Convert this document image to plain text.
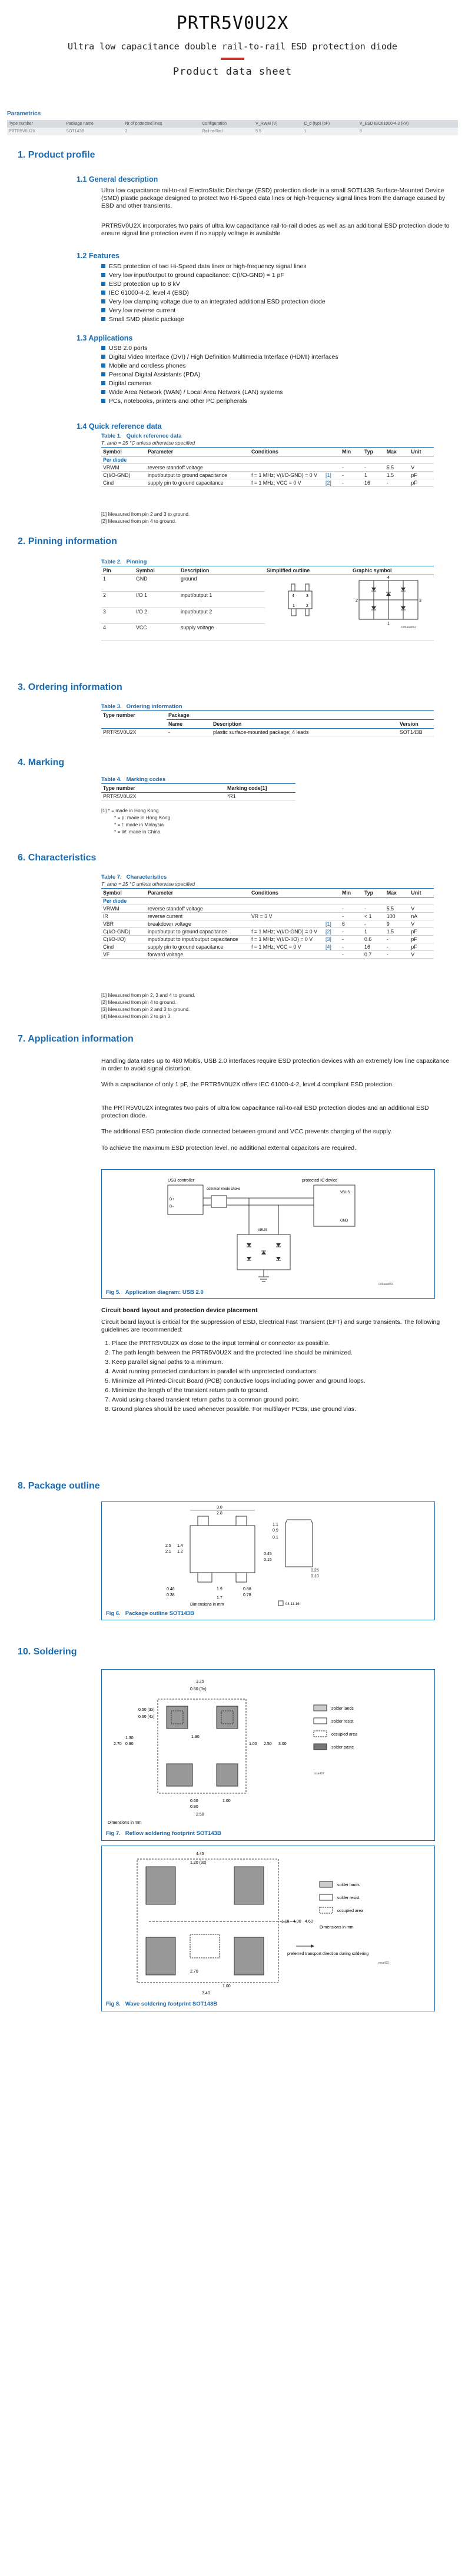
PRTR5V0U2X
Ultra low capacitance double rail-to-rail ESD protection diode
Product data sheet
Parametrics
Type number	Package name	Nr of protected lines	Configuration	V_RWM (V)	C_d (typ) (pF)	V_ESD IEC61000-4-2 (kV)
PRTR5V0U2X	SOT143B	2	Rail-to-Rail	5.5	1	8
1. Product profile
1.1 General description
Ultra low capacitance rail-to-rail ElectroStatic Discharge (ESD) protection diode in a small SOT143B Surface-Mounted Device (SMD) plastic package designed to protect two Hi-Speed data lines or high-frequency signal lines from the damage caused by ESD and other transients.
PRTR5V0U2X incorporates two pairs of ultra low capacitance rail-to-rail diodes as well as an additional ESD protection diode to ensure signal line protection even if no supply voltage is available.
1.2 Features
ESD protection of two Hi-Speed data lines or high-frequency signal lines
Very low input/output to ground capacitance: C(I/O-GND) = 1 pF
ESD protection up to 8 kV
IEC 61000-4-2, level 4 (ESD)
Very low clamping voltage due to an integrated additional ESD protection diode
Very low reverse current
Small SMD plastic package
1.3 Applications
USB 2.0 ports
Digital Video Interface (DVI) / High Definition Multimedia Interface (HDMI) interfaces
Mobile and cordless phones
Personal Digital Assistants (PDA)
Digital cameras
Wide Area Network (WAN) / Local Area Network (LAN) systems
PCs, notebooks, printers and other PC peripherals
1.4 Quick reference data
Table 1. Quick reference data
T_amb = 25 °C unless otherwise specified
Symbol	Parameter	Conditions		Min	Typ	Max	Unit
Per diode							
VRWM	reverse standoff voltage			-	-	5.5	V
C(I/O-GND)	input/output to ground capacitance	f = 1 MHz; V(I/O-GND) = 0 V	[1]	-	1	1.5	pF
Cind	supply pin to ground capacitance	f = 1 MHz; VCC = 0 V	[2]	-	16	-	pF
[1] Measured from pin 2 and 3 to ground.
[2] Measured from pin 4 to ground.
2. Pinning information
Table 2. Pinning
Pin	Symbol	Description	Simplified outline	Graphic symbol
1	GND	ground		
2	I/O 1	input/output 1		
3	I/O 2	input/output 2		
4	VCC	supply voltage		
4	3
1	2
2
4
3
1
006aaa652
3. Ordering information
Table 3. Ordering information
Type number	Package		
	Name	Description	Version
PRTR5V0U2X	-	plastic surface-mounted package; 4 leads	SOT143B
4. Marking
Table 4. Marking codes
Type number	Marking code[1]
PRTR5V0U2X	*R1
[1] * = made in Hong Kong
* = p: made in Hong Kong
* = t: made in Malaysia
* = W: made in China
6. Characteristics
Table 7. Characteristics
T_amb = 25 °C unless otherwise specified
Symbol	Parameter	Conditions		Min	Typ	Max	Unit
Per diode							
VRWM	reverse standoff voltage			-	-	5.5	V
IR	reverse current	VR = 3 V		-	< 1	100	nA
VBR	breakdown voltage		[1]	6	-	9	V
C(I/O-GND)	input/output to ground capacitance	f = 1 MHz; V(I/O-GND) = 0 V	[2]	-	1	1.5	pF
C(I/O-I/O)	input/output to input/output capacitance	f = 1 MHz; V(I/O-I/O) = 0 V	[3]	-	0.6	-	pF
Cind	supply pin to ground capacitance	f = 1 MHz; VCC = 0 V	[4]	-	16	-	pF
VF	forward voltage			-	0.7	-	V
[1] Measured from pin 2, 3 and 4 to ground.
[2] Measured from pin 4 to ground.
[3] Measured from pin 2 and 3 to ground.
[4] Measured from pin 2 to pin 3.
7. Application information
Handling data rates up to 480 Mbit/s, USB 2.0 interfaces require ESD protection devices with an extremely low line capacitance in order to avoid signal distortion.
With a capacitance of only 1 pF, the PRTR5V0U2X offers IEC 61000-4-2, level 4 compliant ESD protection.
The PRTR5V0U2X integrates two pairs of ultra low capacitance rail-to-rail ESD protection diodes and an additional ESD protection diode.
The additional ESD protection diode connected between ground and VCC prevents charging of the supply.
To achieve the maximum ESD protection level, no additional external capacitors are required.
USB controller
common mode choke
D+
D−
protected IC device
VBUS
GND
VBUS
006aaa653
Fig 5. Application diagram: USB 2.0
Circuit board layout and protection device placement
Circuit board layout is critical for the suppression of ESD, Electrical Fast Transient (EFT) and surge transients. The following guidelines are recommended:
1. Place the PRTR5V0U2X as close to the input terminal or connector as possible.
2. The path length between the PRTR5V0U2X and the protected line should be minimized.
3. Keep parallel signal paths to a minimum.
4. Avoid running protected conductors in parallel with unprotected conductors.
5. Minimize all Printed-Circuit Board (PCB) conductive loops including power and ground loops.
6. Minimize the length of the transient return path to ground.
7. Avoid using shared transient return paths to a common ground point.
8. Ground planes should be used whenever possible. For multilayer PCBs, use ground vias.
8. Package outline
3.0
2.8
1.9
1.1
0.9
0.1
2.5
2.1
1.4
1.2
0.45
0.15
0.48
0.38
0.88
0.78
1.7
0.25
0.10
Dimensions in mm	04-11-16
Fig 6. Package outline SOT143B
10. Soldering
3.25
0.60 (3x)
0.50 (3x)
0.60 (4x)
1.90
0.90	1.00 2.50 3.00
1.30
2.70
0.60
0.90
2.50
1.00
solder lands
solder resist
occupied area
solder paste
msa467
Dimensions in mm
Fig 7. Reflow soldering footprint SOT143B
4.45
1.20 (3x)
1.15 4.00 4.60
3.40
1.00
2.70
solder lands
solder resist
occupied area
Dimensions in mm
preferred transport direction during soldering
msa422
Fig 8. Wave soldering footprint SOT143B
